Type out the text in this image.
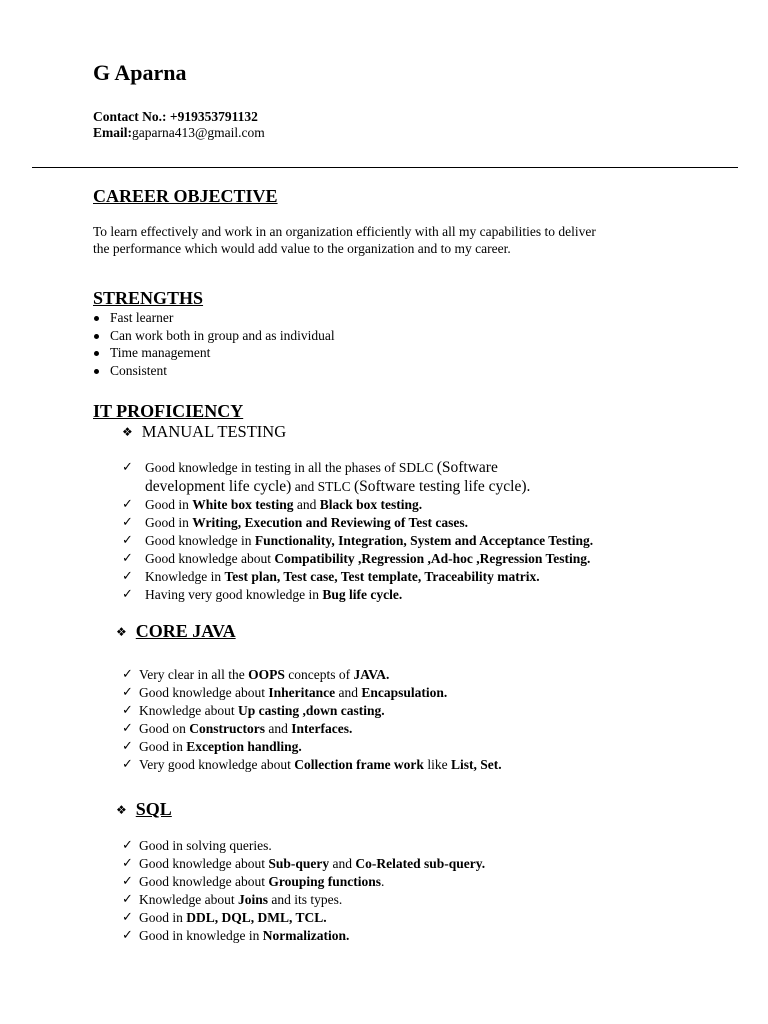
G Aparna
Contact No.: +919353791132
Email:gaparna413@gmail.com
CAREER OBJECTIVE
To learn effectively and work in an organization efficiently with all my capabilities to deliver
the performance which would add value to the organization and to my career.
STRENGTHS
Fast learner
Can work both in group and as individual
Time management
Consistent
IT PROFICIENCY
❖ MANUAL TESTING
✓ Good knowledge in testing in all the phases of SDLC (Software
development life cycle) and STLC (Software testing life cycle).
✓ Good in White box testing and Black box testing.
✓ Good in Writing, Execution and Reviewing of Test cases.
✓ Good knowledge in Functionality, Integration, System and Acceptance Testing.
✓ Good knowledge about Compatibility ,Regression ,Ad-hoc ,Regression Testing.
✓ Knowledge in Test plan, Test case, Test template, Traceability matrix.
✓ Having very good knowledge in Bug life cycle.
❖ CORE JAVA
✓ Very clear in all the OOPS concepts of JAVA.
✓ Good knowledge about Inheritance and Encapsulation.
✓ Knowledge about Up casting ,down casting.
✓ Good on Constructors and Interfaces.
✓ Good in Exception handling.
✓ Very good knowledge about Collection frame work like List, Set.
❖ SQL
✓ Good in solving queries.
✓ Good knowledge about Sub-query and Co-Related sub-query.
✓ Good knowledge about Grouping functions.
✓ Knowledge about Joins and its types.
✓ Good in DDL, DQL, DML, TCL.
✓ Good in knowledge in Normalization.
